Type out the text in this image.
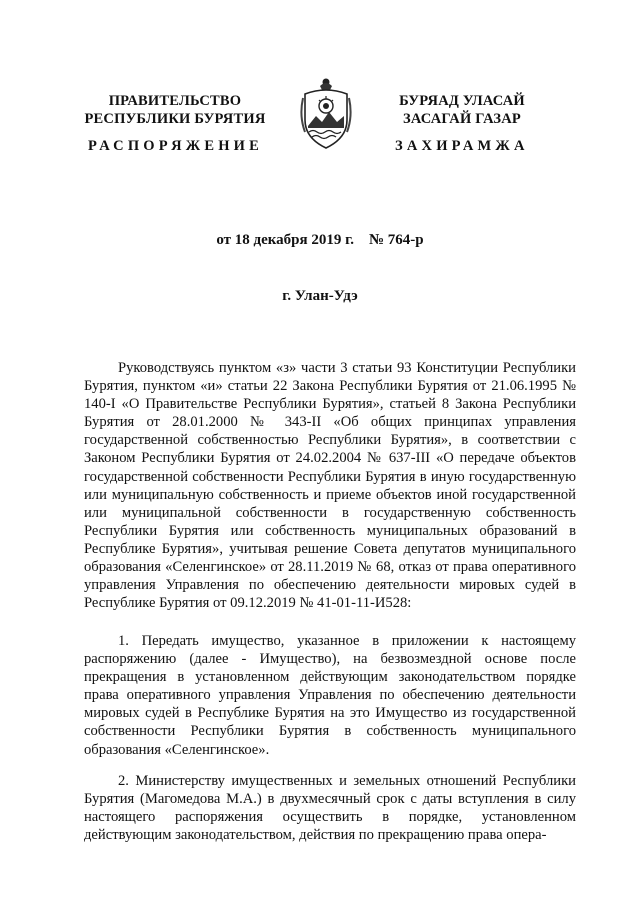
ПРАВИТЕЛЬСТВО
РЕСПУБЛИКИ БУРЯТИЯ
РАСПОРЯЖЕНИЕ
БУРЯАД УЛАСАЙ
ЗАСАГАЙ ГАЗАР
ЗАХИРАМЖА
от 18 декабря 2019 г.    № 764-р
г. Улан-Удэ
Руководствуясь пунктом «з» части 3 статьи 93 Конституции Республики Бурятия, пунктом «и» статьи 22 Закона Республики Бурятия от 21.06.1995 № 140-I «О Правительстве Республики Бурятия», статьей 8 Закона Республики Бурятия от 28.01.2000 № 343-II «Об общих принципах управления государственной собственностью Республики Бурятия», в соответствии с Законом Республики Бурятия от 24.02.2004 № 637-III «О передаче объектов государственной собственности Республики Бурятия в иную государственную или муниципальную собственность и приеме объектов иной государственной или муниципальной собственности в государственную собственность Республики Бурятия или собственность муниципальных образований в Республике Бурятия», учитывая решение Совета депутатов муниципального образования «Селенгинское» от 28.11.2019 № 68, отказ от права оперативного управления Управления по обеспечению деятельности мировых судей в Республике Бурятия от 09.12.2019 № 41-01-11-И528:
1. Передать имущество, указанное в приложении к настоящему распоряжению (далее - Имущество), на безвозмездной основе после прекращения в установленном действующим законодательством порядке права оперативного управления Управления по обеспечению деятельности мировых судей в Республике Бурятия на это Имущество из государственной собственности Республики Бурятия в собственность муниципального образования «Селенгинское».
2. Министерству имущественных и земельных отношений Республики Бурятия (Магомедова М.А.) в двухмесячный срок с даты вступления в силу настоящего распоряжения осуществить в порядке, установленном действующим законодательством, действия по прекращению права опера-
